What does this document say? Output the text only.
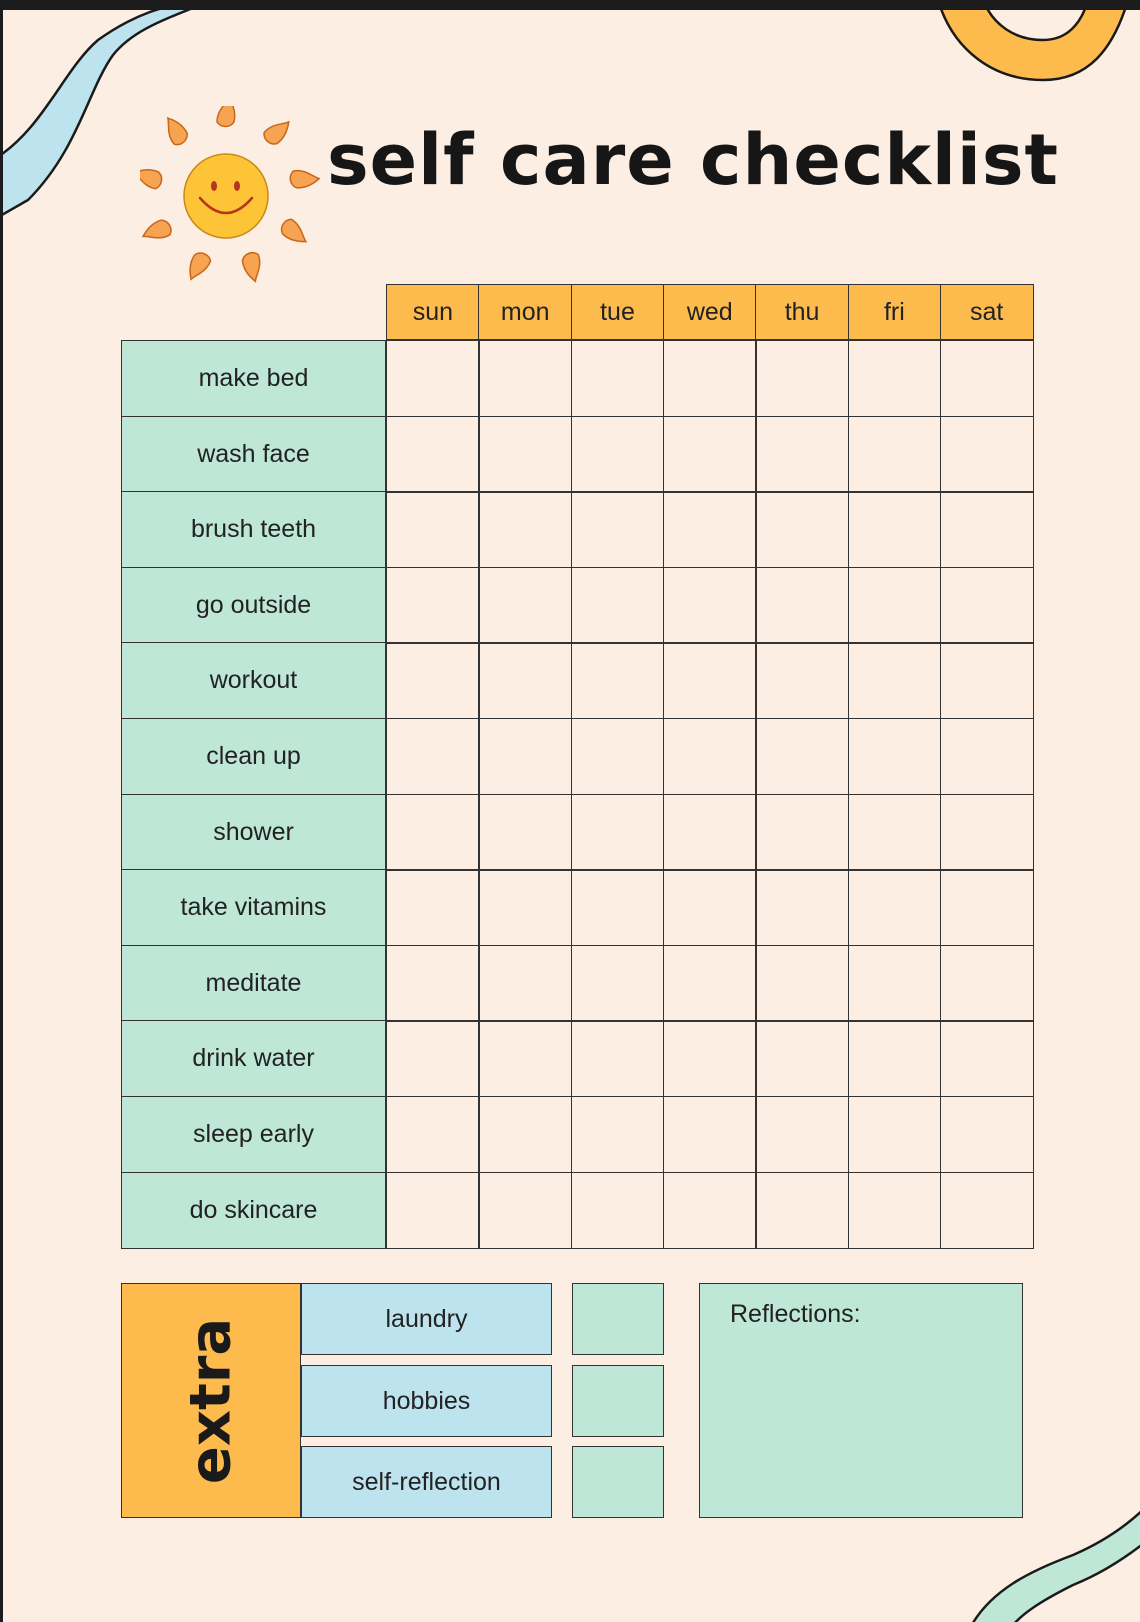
self care checklist
sun	mon	tue	wed	thu	fri	sat
make bed
wash face
brush teeth
go outside
workout
clean up
shower
take vitamins
meditate
drink water
sleep early
do skincare
extra	laundry
hobbies
self-reflection
Reflections:
